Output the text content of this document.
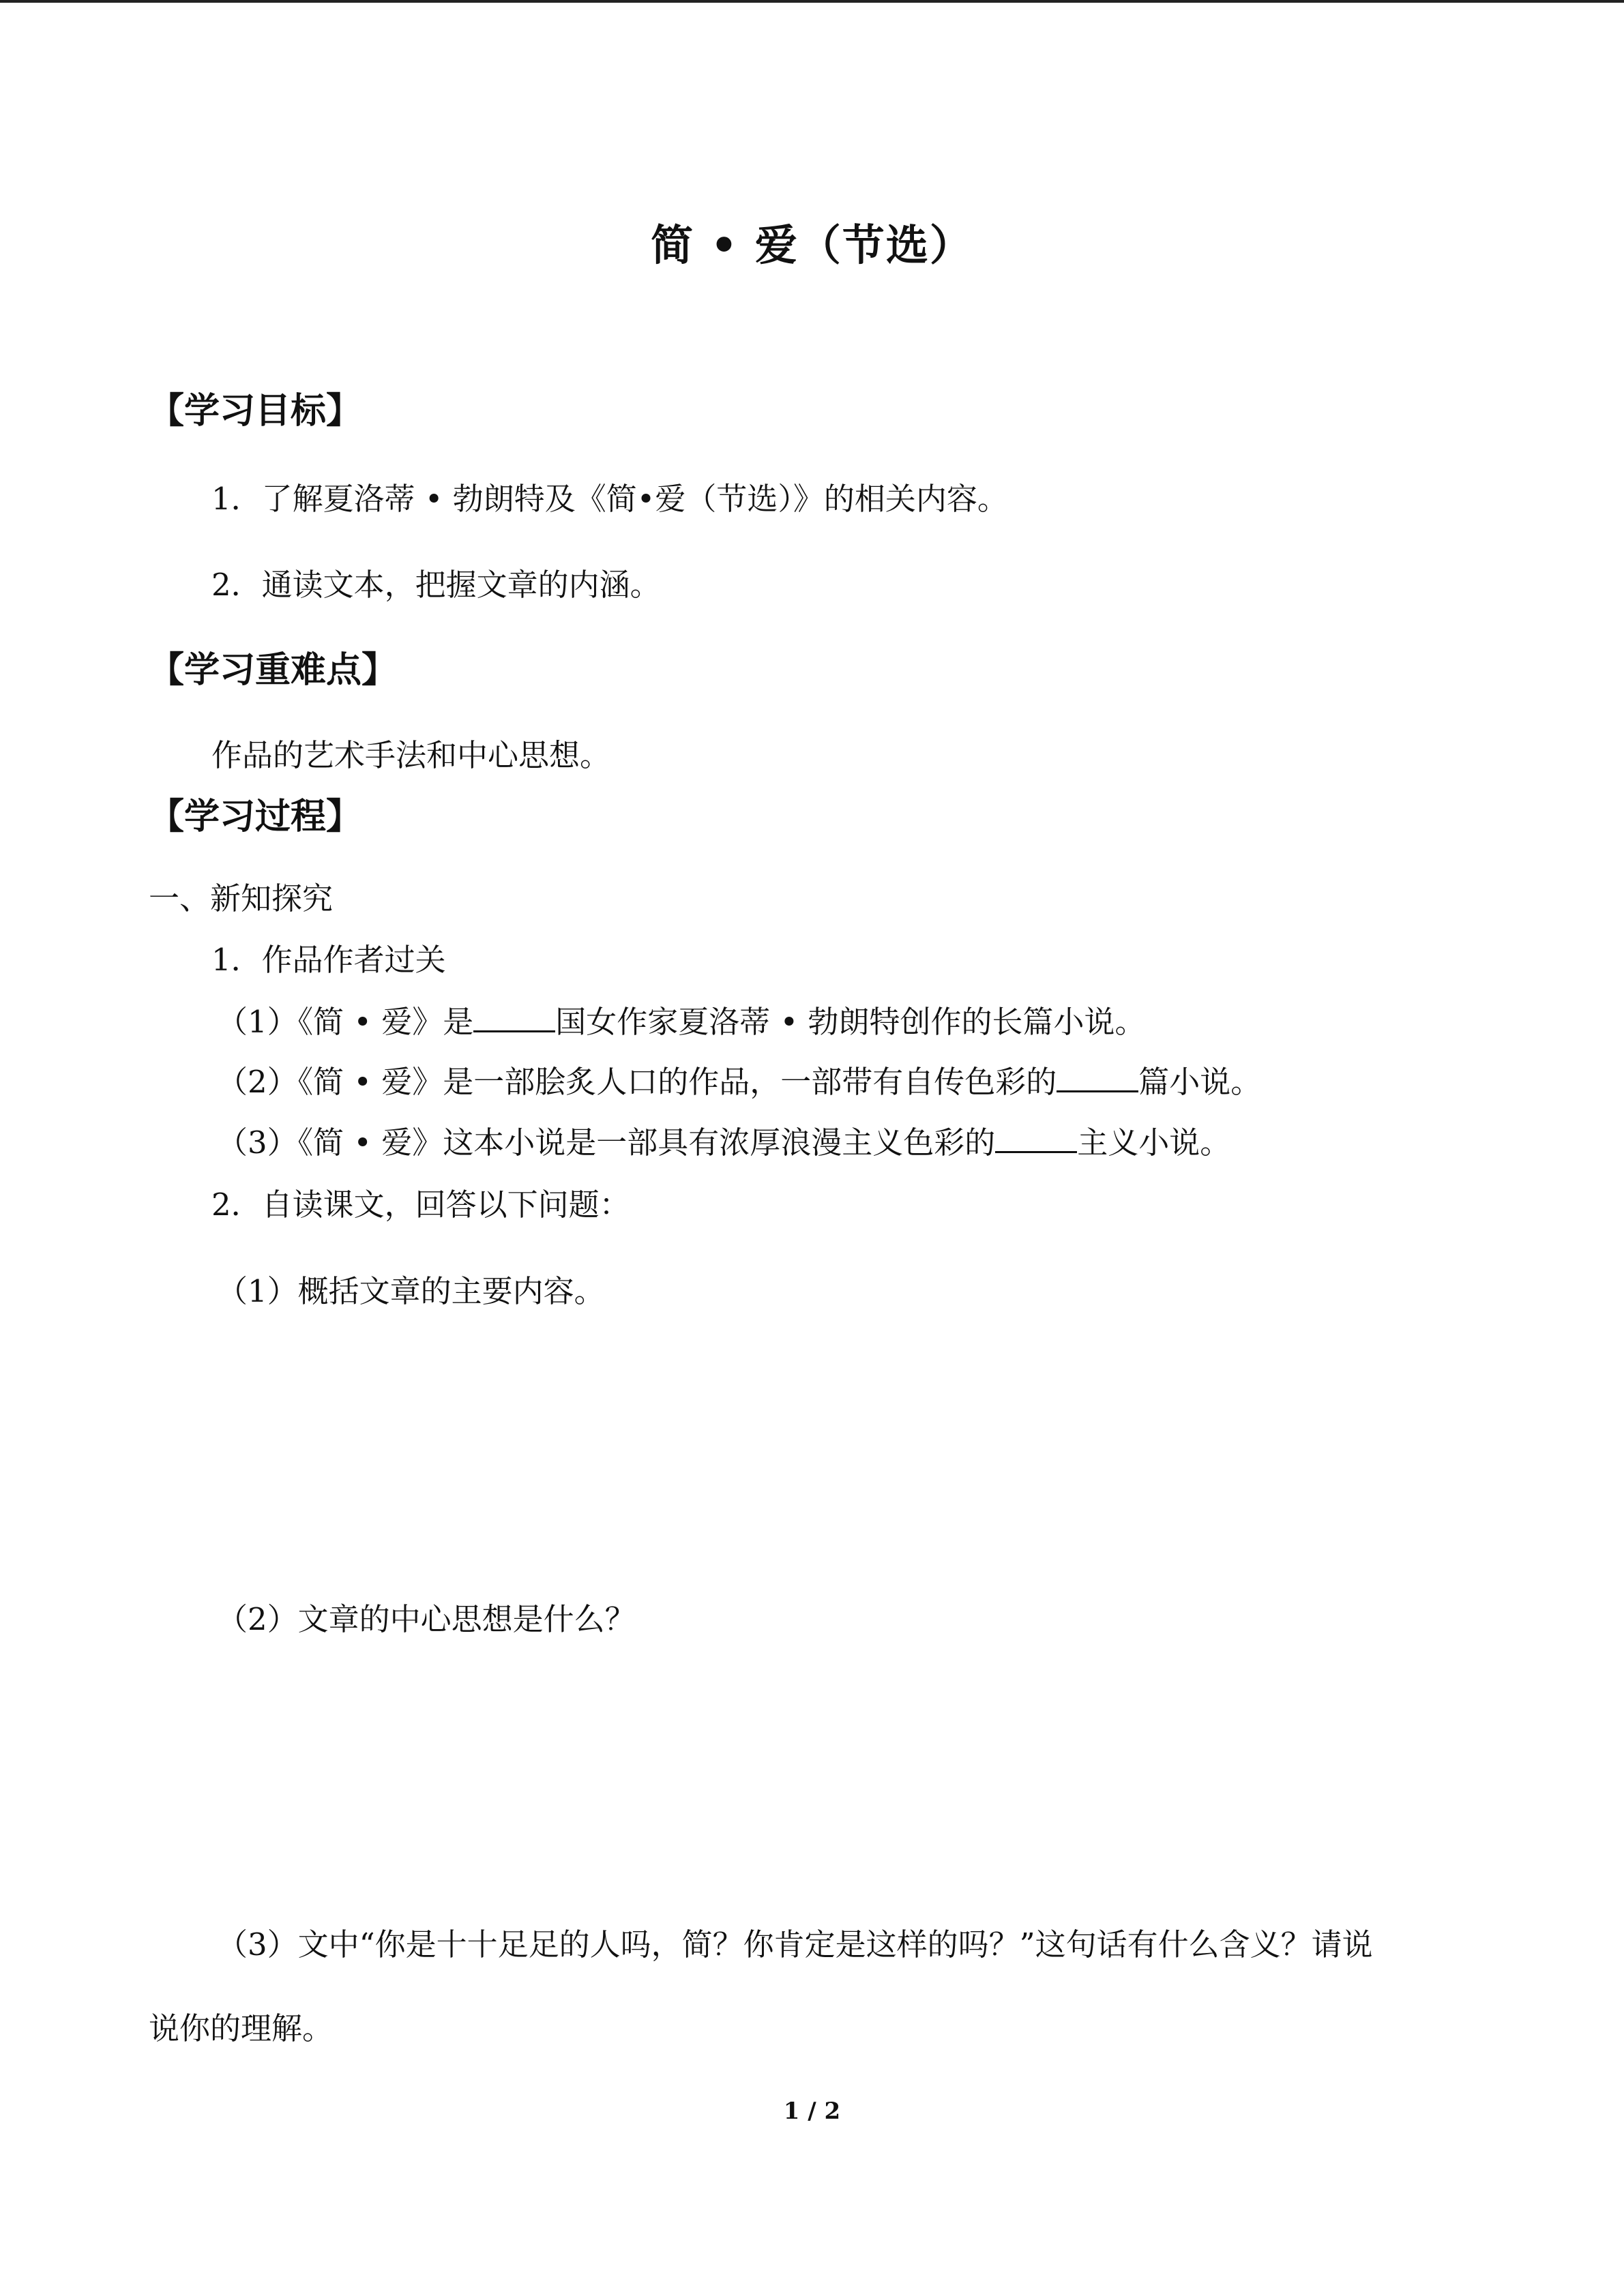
简 • 爱（节选）
【学习目标】
1．了解夏洛蒂 • 勃朗特及《简•爱（节选）》的相关内容。
2．通读文本，把握文章的内涵。
【学习重难点】
作品的艺术手法和中心思想。
【学习过程】
一、新知探究
1．作品作者过关
（1）《简 • 爱》是	国女作家夏洛蒂 • 勃朗特创作的长篇小说。
（2）《简 • 爱》是一部脍炙人口的作品，一部带有自传色彩的	篇小说。
（3）《简 • 爱》这本小说是一部具有浓厚浪漫主义色彩的	主义小说。
2．自读课文，回答以下问题：
（1）概括文章的主要内容。
（2）文章的中心思想是什么？
（3）文中“你是十十足足的人吗，简？你肯定是这样的吗？”这句话有什么含义？请说
说你的理解。
1 / 2
